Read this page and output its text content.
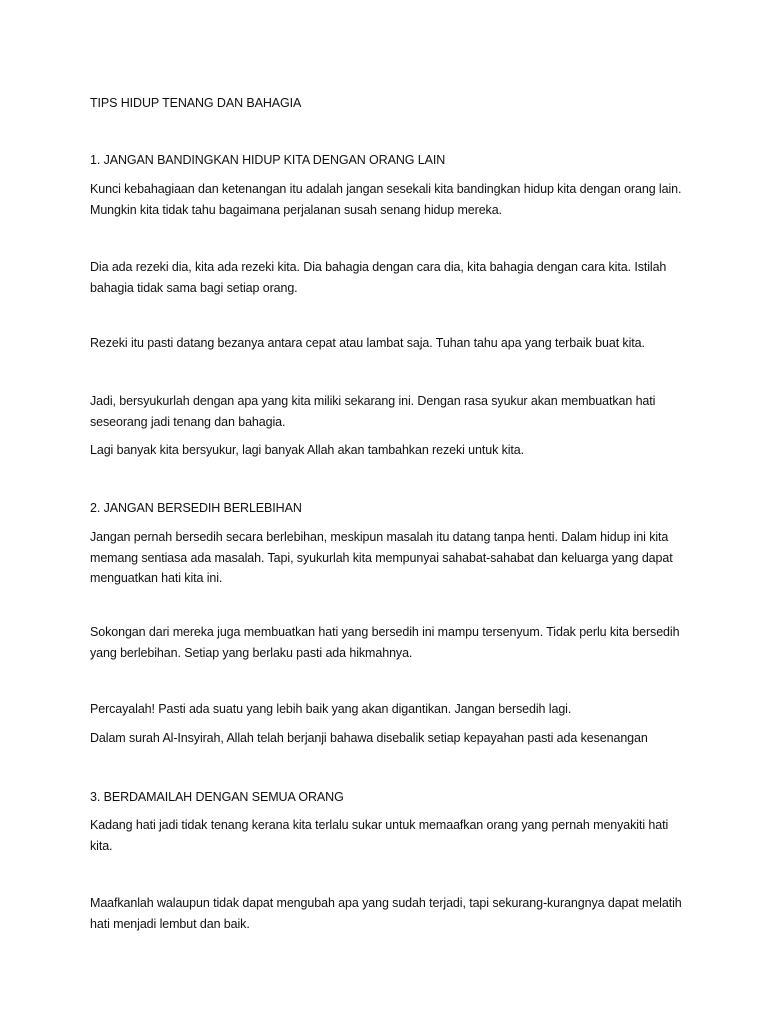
TIPS HIDUP TENANG DAN BAHAGIA

1. JANGAN BANDINGKAN HIDUP KITA DENGAN ORANG LAIN

Kunci kebahagiaan dan ketenangan itu adalah jangan sesekali kita bandingkan hidup kita dengan orang lain. Mungkin kita tidak tahu bagaimana perjalanan susah senang hidup mereka.

Dia ada rezeki dia, kita ada rezeki kita. Dia bahagia dengan cara dia, kita bahagia dengan cara kita. Istilah bahagia tidak sama bagi setiap orang.

Rezeki itu pasti datang bezanya antara cepat atau lambat saja. Tuhan tahu apa yang terbaik buat kita.

Jadi, bersyukurlah dengan apa yang kita miliki sekarang ini. Dengan rasa syukur akan membuatkan hati seseorang jadi tenang dan bahagia.

Lagi banyak kita bersyukur, lagi banyak Allah akan tambahkan rezeki untuk kita.

2. JANGAN BERSEDIH BERLEBIHAN

Jangan pernah bersedih secara berlebihan, meskipun masalah itu datang tanpa henti. Dalam hidup ini kita memang sentiasa ada masalah. Tapi, syukurlah kita mempunyai sahabat-sahabat dan keluarga yang dapat menguatkan hati kita ini.

Sokongan dari mereka juga membuatkan hati yang bersedih ini mampu tersenyum. Tidak perlu kita bersedih yang berlebihan. Setiap yang berlaku pasti ada hikmahnya.

Percayalah! Pasti ada suatu yang lebih baik yang akan digantikan. Jangan bersedih lagi.

Dalam surah Al-Insyirah, Allah telah berjanji bahawa disebalik setiap kepayahan pasti ada kesenangan

3. BERDAMAILAH DENGAN SEMUA ORANG

Kadang hati jadi tidak tenang kerana kita terlalu sukar untuk memaafkan orang yang pernah menyakiti hati kita.

Maafkanlah walaupun tidak dapat mengubah apa yang sudah terjadi, tapi sekurang-kurangnya dapat melatih hati menjadi lembut dan baik.
